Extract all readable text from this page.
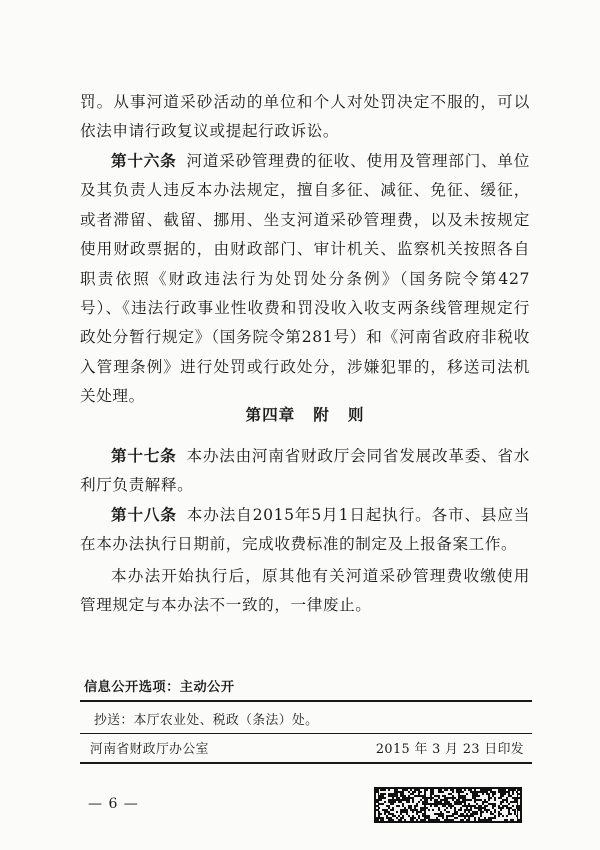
罚。从事河道采砂活动的单位和个人对处罚决定不服的，可以依法申请行政复议或提起行政诉讼。
第十六条 河道采砂管理费的征收、使用及管理部门、单位及其负责人违反本办法规定，擅自多征、减征、免征、缓征，或者滞留、截留、挪用、坐支河道采砂管理费，以及未按规定使用财政票据的，由财政部门、审计机关、监察机关按照各自职责依照《财政违法行为处罚处分条例》（国务院令第427号）、《违法行政事业性收费和罚没收入收支两条线管理规定行政处分暂行规定》（国务院令第281号）和《河南省政府非税收入管理条例》进行处罚或行政处分，涉嫌犯罪的，移送司法机关处理。
第四章 附 则
第十七条 本办法由河南省财政厅会同省发展改革委、省水利厅负责解释。
第十八条 本办法自2015年5月1日起执行。各市、县应当在本办法执行日期前，完成收费标准的制定及上报备案工作。
本办法开始执行后，原其他有关河道采砂管理费收缴使用管理规定与本办法不一致的，一律废止。
信息公开选项：主动公开
抄送：本厅农业处、税政（条法）处。
河南省财政厅办公室	2015 年 3 月 23 日印发
— 6 —
